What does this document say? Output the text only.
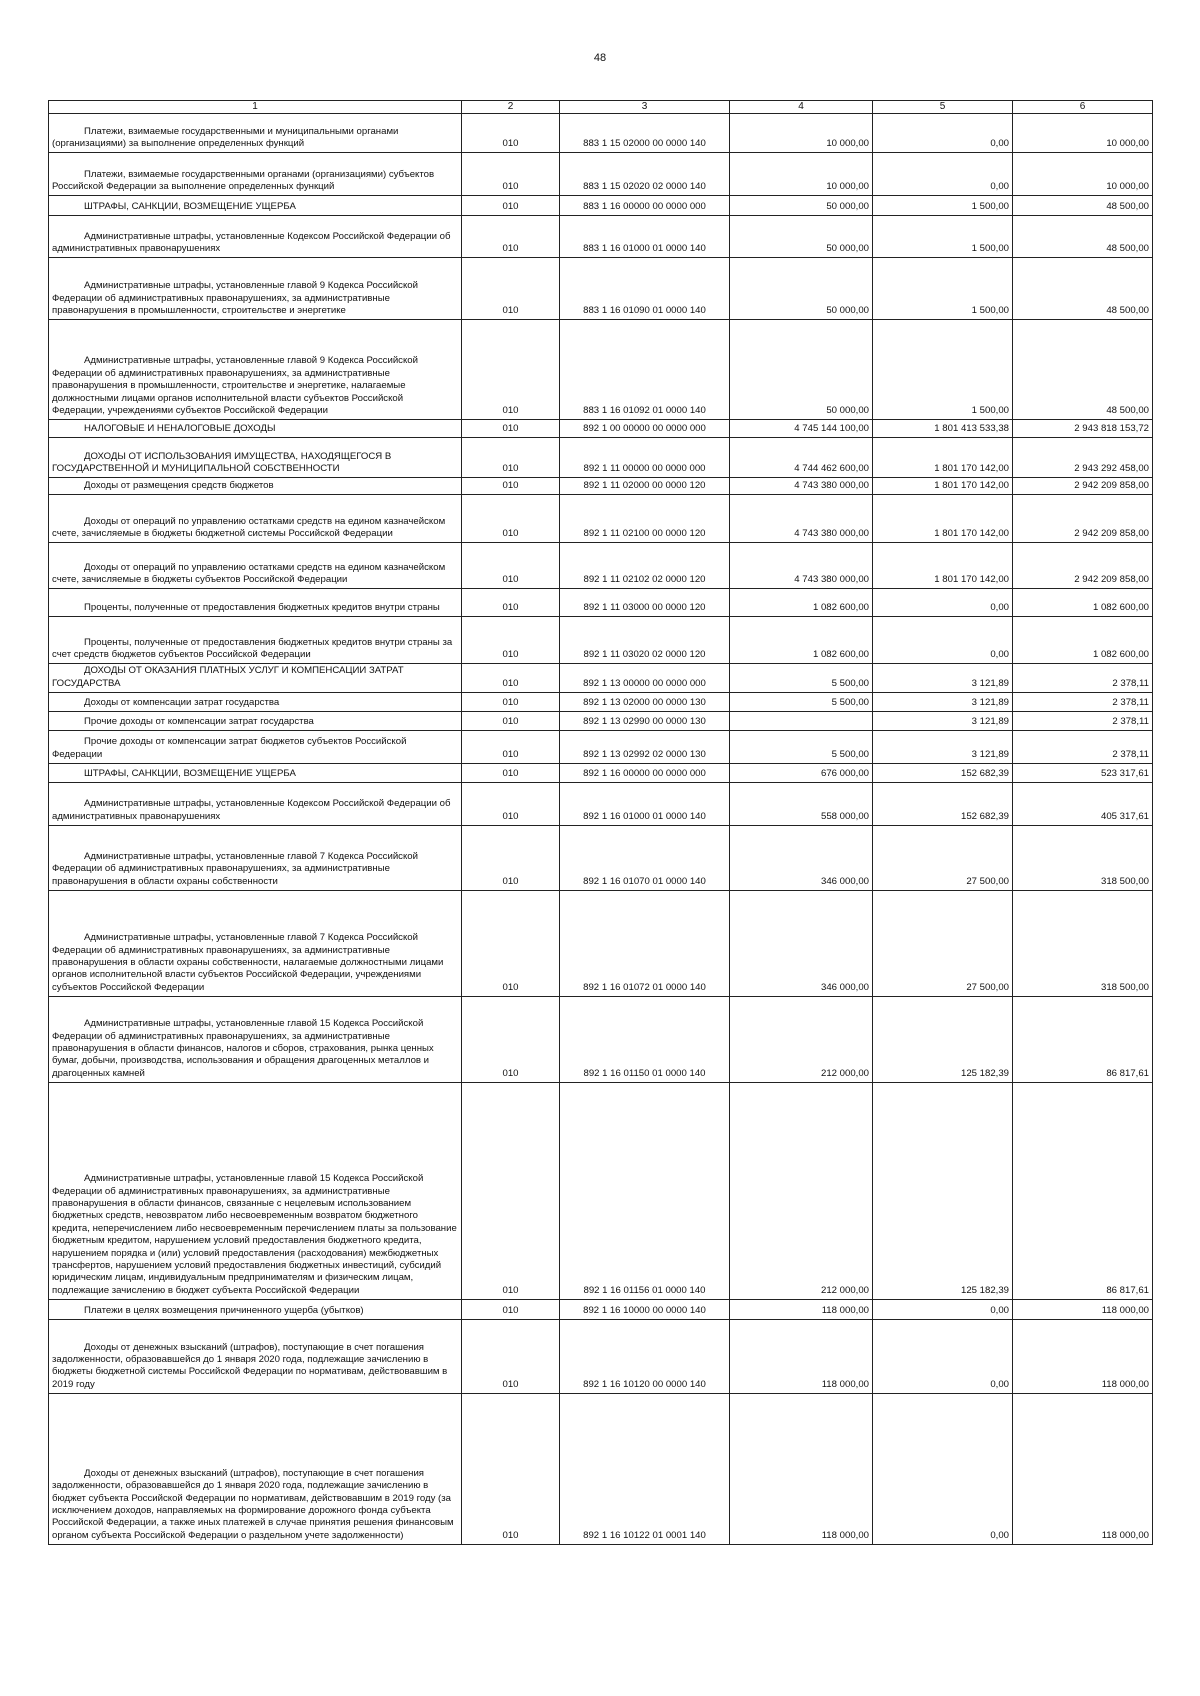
48
1	2	3	4	5	6

Платежи, взимаемые государственными и муниципальными органами (организациями) за выполнение определенных функций	010	883 1 15 02000 00 0000 140	10 000,00	0,00	10 000,00

Платежи, взимаемые государственными органами (организациями) субъектов Российской Федерации за выполнение определенных функций	010	883 1 15 02020 02 0000 140	10 000,00	0,00	10 000,00

ШТРАФЫ, САНКЦИИ, ВОЗМЕЩЕНИЕ УЩЕРБА	010	883 1 16 00000 00 0000 000	50 000,00	1 500,00	48 500,00

Административные штрафы, установленные Кодексом Российской Федерации об административных правонарушениях	010	883 1 16 01000 01 0000 140	50 000,00	1 500,00	48 500,00

Административные штрафы, установленные главой 9 Кодекса Российской Федерации об административных правонарушениях, за административные правонарушения в промышленности, строительстве и энергетике	010	883 1 16 01090 01 0000 140	50 000,00	1 500,00	48 500,00

Административные штрафы, установленные главой 9 Кодекса Российской Федерации об административных правонарушениях, за административные правонарушения в промышленности, строительстве и энергетике, налагаемые должностными лицами органов исполнительной власти субъектов Российской Федерации, учреждениями субъектов Российской Федерации	010	883 1 16 01092 01 0000 140	50 000,00	1 500,00	48 500,00

НАЛОГОВЫЕ И НЕНАЛОГОВЫЕ ДОХОДЫ	010	892 1 00 00000 00 0000 000	4 745 144 100,00	1 801 413 533,38	2 943 818 153,72

ДОХОДЫ ОТ ИСПОЛЬЗОВАНИЯ ИМУЩЕСТВА, НАХОДЯЩЕГОСЯ В ГОСУДАРСТВЕННОЙ И МУНИЦИПАЛЬНОЙ СОБСТВЕННОСТИ	010	892 1 11 00000 00 0000 000	4 744 462 600,00	1 801 170 142,00	2 943 292 458,00

Доходы от размещения средств бюджетов	010	892 1 11 02000 00 0000 120	4 743 380 000,00	1 801 170 142,00	2 942 209 858,00

Доходы от операций по управлению остатками средств на едином казначейском счете, зачисляемые в бюджеты бюджетной системы Российской Федерации	010	892 1 11 02100 00 0000 120	4 743 380 000,00	1 801 170 142,00	2 942 209 858,00

Доходы от операций по управлению остатками средств на едином казначейском счете, зачисляемые в бюджеты субъектов Российской Федерации	010	892 1 11 02102 02 0000 120	4 743 380 000,00	1 801 170 142,00	2 942 209 858,00

Проценты, полученные от предоставления бюджетных кредитов внутри страны	010	892 1 11 03000 00 0000 120	1 082 600,00	0,00	1 082 600,00

Проценты, полученные от предоставления бюджетных кредитов внутри страны за счет средств бюджетов субъектов Российской Федерации	010	892 1 11 03020 02 0000 120	1 082 600,00	0,00	1 082 600,00

ДОХОДЫ ОТ ОКАЗАНИЯ ПЛАТНЫХ УСЛУГ И КОМПЕНСАЦИИ ЗАТРАТ ГОСУДАРСТВА	010	892 1 13 00000 00 0000 000	5 500,00	3 121,89	2 378,11

Доходы от компенсации затрат государства	010	892 1 13 02000 00 0000 130	5 500,00	3 121,89	2 378,11

Прочие доходы от компенсации затрат государства	010	892 1 13 02990 00 0000 130		3 121,89	2 378,11

Прочие доходы от компенсации затрат бюджетов субъектов Российской Федерации	010	892 1 13 02992 02 0000 130	5 500,00	3 121,89	2 378,11

ШТРАФЫ, САНКЦИИ, ВОЗМЕЩЕНИЕ УЩЕРБА	010	892 1 16 00000 00 0000 000	676 000,00	152 682,39	523 317,61

Административные штрафы, установленные Кодексом Российской Федерации об административных правонарушениях	010	892 1 16 01000 01 0000 140	558 000,00	152 682,39	405 317,61

Административные штрафы, установленные главой 7 Кодекса Российской Федерации об административных правонарушениях, за административные правонарушения в области охраны собственности	010	892 1 16 01070 01 0000 140	346 000,00	27 500,00	318 500,00

Административные штрафы, установленные главой 7 Кодекса Российской Федерации об административных правонарушениях, за административные правонарушения в области охраны собственности, налагаемые должностными лицами органов исполнительной власти субъектов Российской Федерации, учреждениями субъектов Российской Федерации	010	892 1 16 01072 01 0000 140	346 000,00	27 500,00	318 500,00

Административные штрафы, установленные главой 15 Кодекса Российской Федерации об административных правонарушениях, за административные правонарушения в области финансов, налогов и сборов, страхования, рынка ценных бумаг, добычи, производства, использования и обращения драгоценных металлов и драгоценных камней	010	892 1 16 01150 01 0000 140	212 000,00	125 182,39	86 817,61

Административные штрафы, установленные главой 15 Кодекса Российской Федерации об административных правонарушениях, за административные правонарушения в области финансов, связанные с нецелевым использованием бюджетных средств, невозвратом либо несвоевременным возвратом бюджетного кредита, неперечислением либо несвоевременным перечислением платы за пользование бюджетным кредитом, нарушением условий предоставления бюджетного кредита, нарушением порядка и (или) условий предоставления (расходования) межбюджетных трансфертов, нарушением условий предоставления бюджетных инвестиций, субсидий юридическим лицам, индивидуальным предпринимателям и физическим лицам, подлежащие зачислению в бюджет субъекта Российской Федерации	010	892 1 16 01156 01 0000 140	212 000,00	125 182,39	86 817,61

Платежи в целях возмещения причиненного ущерба (убытков)	010	892 1 16 10000 00 0000 140	118 000,00	0,00	118 000,00

Доходы от денежных взысканий (штрафов), поступающие в счет погашения задолженности, образовавшейся до 1 января 2020 года, подлежащие зачислению в бюджеты бюджетной системы Российской Федерации по нормативам, действовавшим в 2019 году	010	892 1 16 10120 00 0000 140	118 000,00	0,00	118 000,00

Доходы от денежных взысканий (штрафов), поступающие в счет погашения задолженности, образовавшейся до 1 января 2020 года, подлежащие зачислению в бюджет субъекта Российской Федерации по нормативам, действовавшим в 2019 году (за исключением доходов, направляемых на формирование дорожного фонда субъекта Российской Федерации, а также иных платежей в случае принятия решения финансовым органом субъекта Российской Федерации о раздельном учете задолженности)	010	892 1 16 10122 01 0001 140	118 000,00	0,00	118 000,00
